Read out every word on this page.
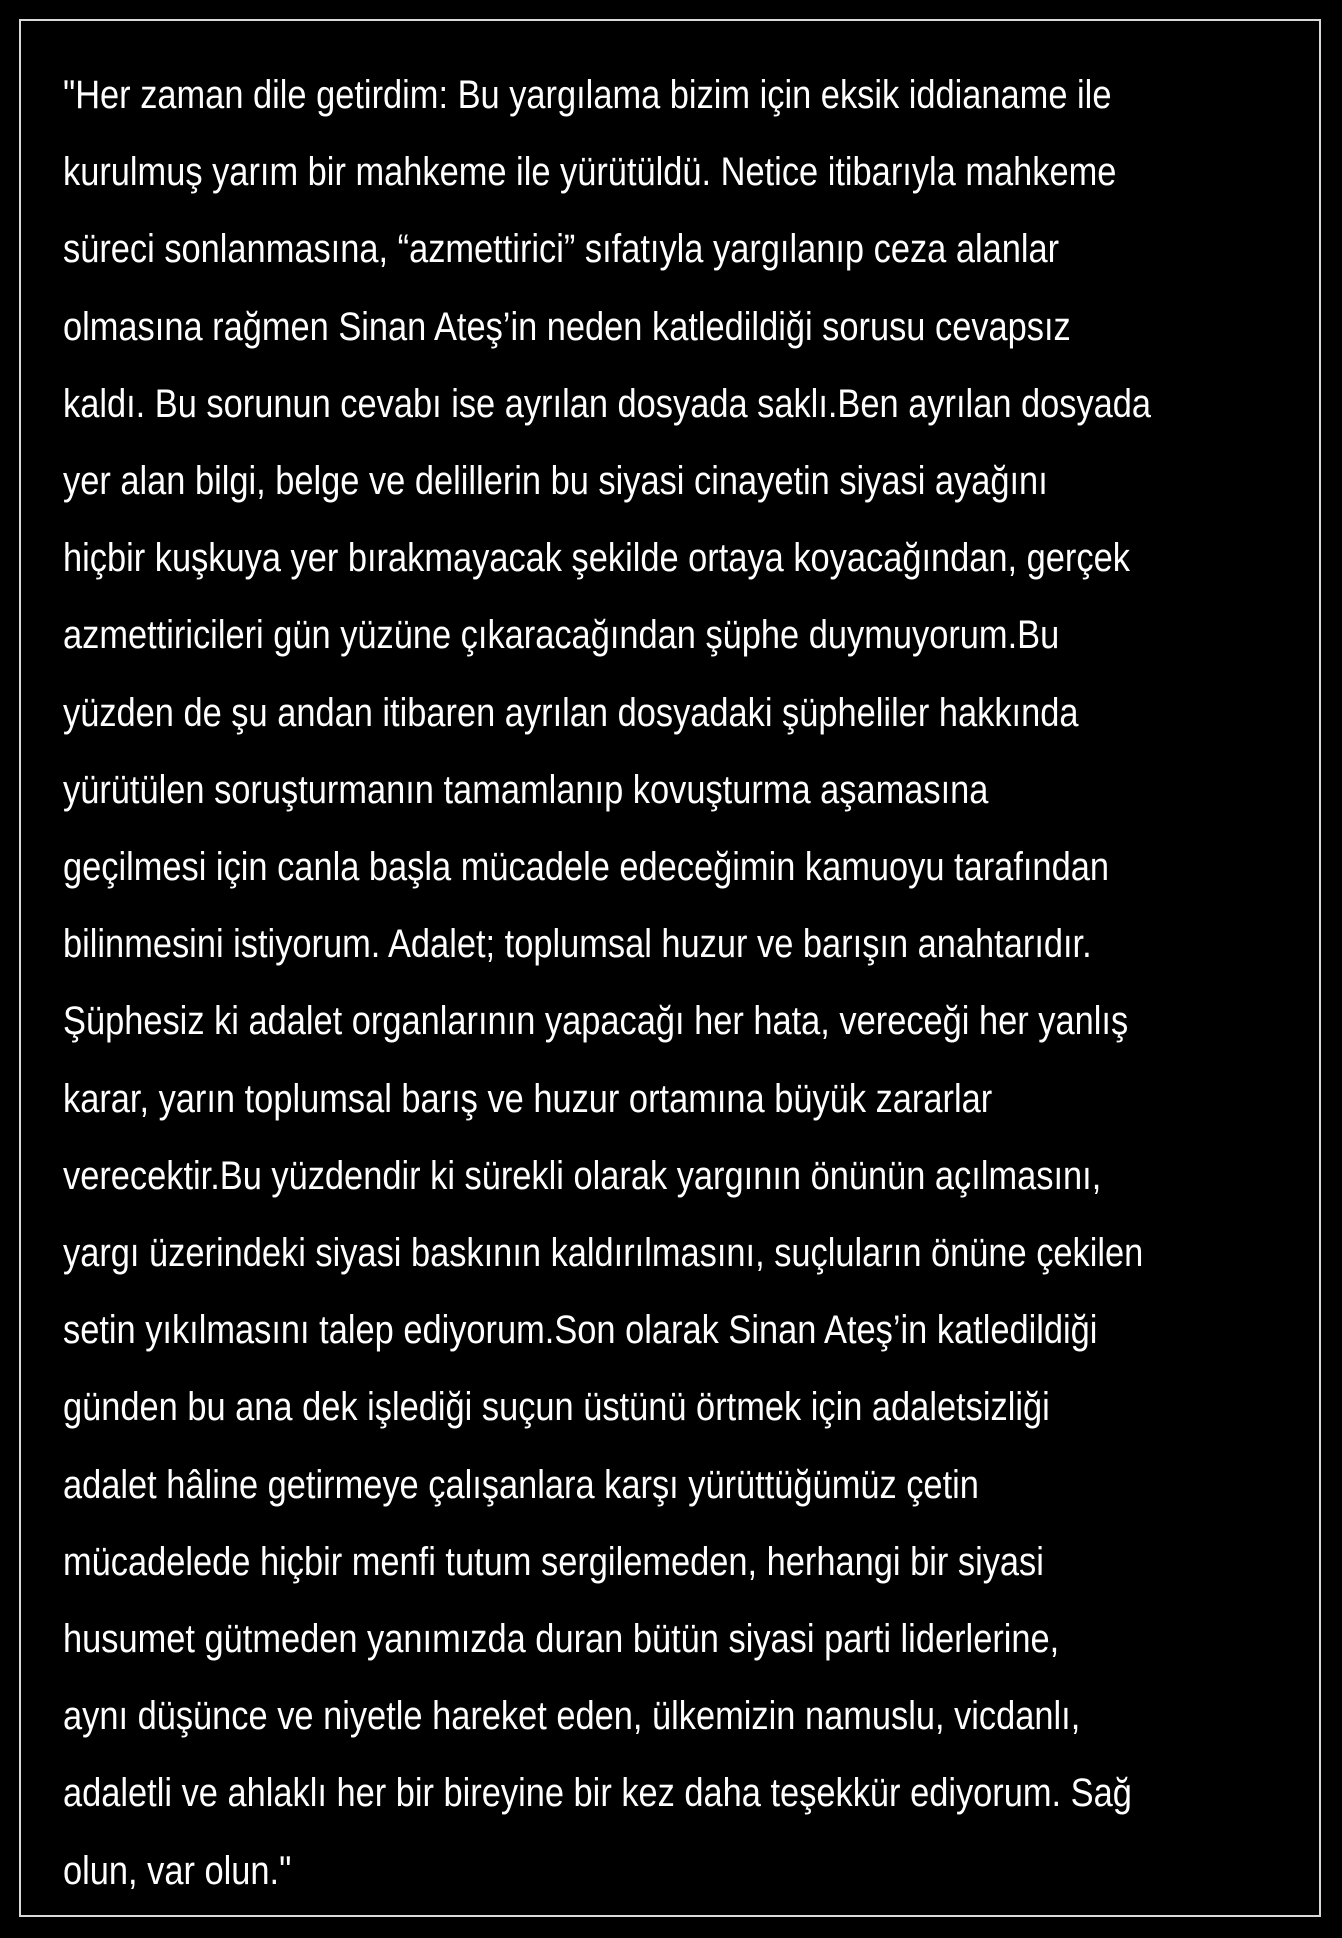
"Her zaman dile getirdim: Bu yargılama bizim için eksik iddianame ile
kurulmuş yarım bir mahkeme ile yürütüldü. Netice itibarıyla mahkeme
süreci sonlanmasına, “azmettirici” sıfatıyla yargılanıp ceza alanlar
olmasına rağmen Sinan Ateş’in neden katledildiği sorusu cevapsız
kaldı. Bu sorunun cevabı ise ayrılan dosyada saklı.Ben ayrılan dosyada
yer alan bilgi, belge ve delillerin bu siyasi cinayetin siyasi ayağını
hiçbir kuşkuya yer bırakmayacak şekilde ortaya koyacağından, gerçek
azmettiricileri gün yüzüne çıkaracağından şüphe duymuyorum.Bu
yüzden de şu andan itibaren ayrılan dosyadaki şüpheliler hakkında
yürütülen soruşturmanın tamamlanıp kovuşturma aşamasına
geçilmesi için canla başla mücadele edeceğimin kamuoyu tarafından
bilinmesini istiyorum. Adalet; toplumsal huzur ve barışın anahtarıdır.
Şüphesiz ki adalet organlarının yapacağı her hata, vereceği her yanlış
karar, yarın toplumsal barış ve huzur ortamına büyük zararlar
verecektir.Bu yüzdendir ki sürekli olarak yargının önünün açılmasını,
yargı üzerindeki siyasi baskının kaldırılmasını, suçluların önüne çekilen
setin yıkılmasını talep ediyorum.Son olarak Sinan Ateş’in katledildiği
günden bu ana dek işlediği suçun üstünü örtmek için adaletsizliği
adalet hâline getirmeye çalışanlara karşı yürüttüğümüz çetin
mücadelede hiçbir menfi tutum sergilemeden, herhangi bir siyasi
husumet gütmeden yanımızda duran bütün siyasi parti liderlerine,
aynı düşünce ve niyetle hareket eden, ülkemizin namuslu, vicdanlı,
adaletli ve ahlaklı her bir bireyine bir kez daha teşekkür ediyorum. Sağ
olun, var olun."
